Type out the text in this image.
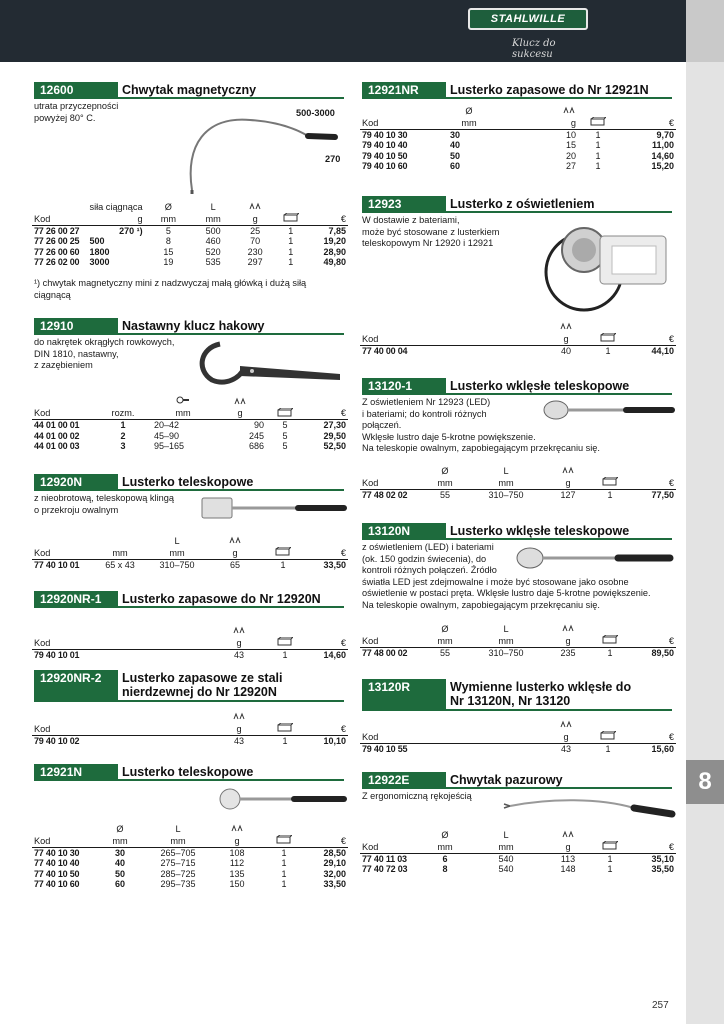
STAHLWILLE
Klucz do sukcesu
8
257
12600	Chwytak magnetyczny
utrata przyczepności
powyżej 80° C.	500-3000
270
	siła ciągnąca	Ø	L			
Kod	g	mm	mm	g		€
77 26 00 27	270 ¹)	5	500	25	1	7,85
77 26 00 25	500	8	460	70	1	19,20
77 26 00 60	1800	15	520	230	1	28,90
77 26 02 00	3000	19	535	297	1	49,80
¹) chwytak magnetyczny mini z nadzwyczaj małą główką i dużą siłą
ciągnącą
12910	Nastawny klucz hakowy
do nakrętek okrągłych rowkowych,
DIN 1810, nastawny,
z zazębieniem

Kod	rozm.	mm	g		€
44 01 00 01	1	20–42	90	5	27,30
44 01 00 02	2	45–90	245	5	29,50
44 01 00 03	3	95–165	686	5	52,50
12920N	Lusterko teleskopowe
z nieobrotową, teleskopową klingą
o przekroju owalnym
		L			
Kod	mm	mm	g		€
77 40 10 01	65 x 43	310–750	65	1	33,50
12920NR-1	Lusterko zapasowe do Nr 12920N

Kod	g		€
79 40 10 01	43	1	14,60
12920NR-2	Lusterko zapasowe ze stali
nierdzewnej do Nr 12920N

Kod	g		€
79 40 10 02	43	1	10,10
12921N	Lusterko teleskopowe
	Ø	L			
Kod	mm	mm	g		€
77 40 10 30	30	265–705	108	1	28,50
77 40 10 40	40	275–715	112	1	29,10
77 40 10 50	50	285–725	135	1	32,00
77 40 10 60	60	295–735	150	1	33,50
12921NR	Lusterko zapasowe do Nr 12921N
	Ø			
Kod	mm	g		€
79 40 10 30	30	10	1	9,70
79 40 10 40	40	15	1	11,00
79 40 10 50	50	20	1	14,60
79 40 10 60	60	27	1	15,20
12923	Lusterko z oświetleniem
W dostawie z bateriami,
może być stosowane z lusterkiem
teleskopowym Nr 12920 i 12921

Kod	g		€
77 40 00 04	40	1	44,10
13120-1	Lusterko wklęsłe teleskopowe
Z oświetleniem Nr 12923 (LED)
i bateriami; do kontroli różnych
połączeń.
Wklęsłe lustro daje 5-krotne powiększenie.
Na teleskopie owalnym, zapobiegającym przekręcaniu się.
	Ø	L			
Kod	mm	mm	g		€
77 48 02 02	55	310–750	127	1	77,50
13120N	Lusterko wklęsłe teleskopowe
z oświetleniem (LED) i bateriami
(ok. 150 godzin świecenia), do
kontroli różnych połączeń. Źródło
światła LED jest zdejmowalne i może być stosowane jako osobne
oświetlenie w postaci pręta. Wklęsłe lustro daje 5-krotne powiększenie.
Na teleskopie owalnym, zapobiegającym przekręcaniu się.
	Ø	L			
Kod	mm	mm	g		€
77 48 00 02	55	310–750	235	1	89,50
13120R	Wymienne lusterko wklęsłe do
Nr 13120N, Nr 13120

Kod	g		€
79 40 10 55	43	1	15,60
12922E	Chwytak pazurowy
Z ergonomiczną rękojeścią
	Ø	L			
Kod	mm	mm	g		€
77 40 11 03	6	540	113	1	35,10
77 40 72 03	8	540	148	1	35,50
